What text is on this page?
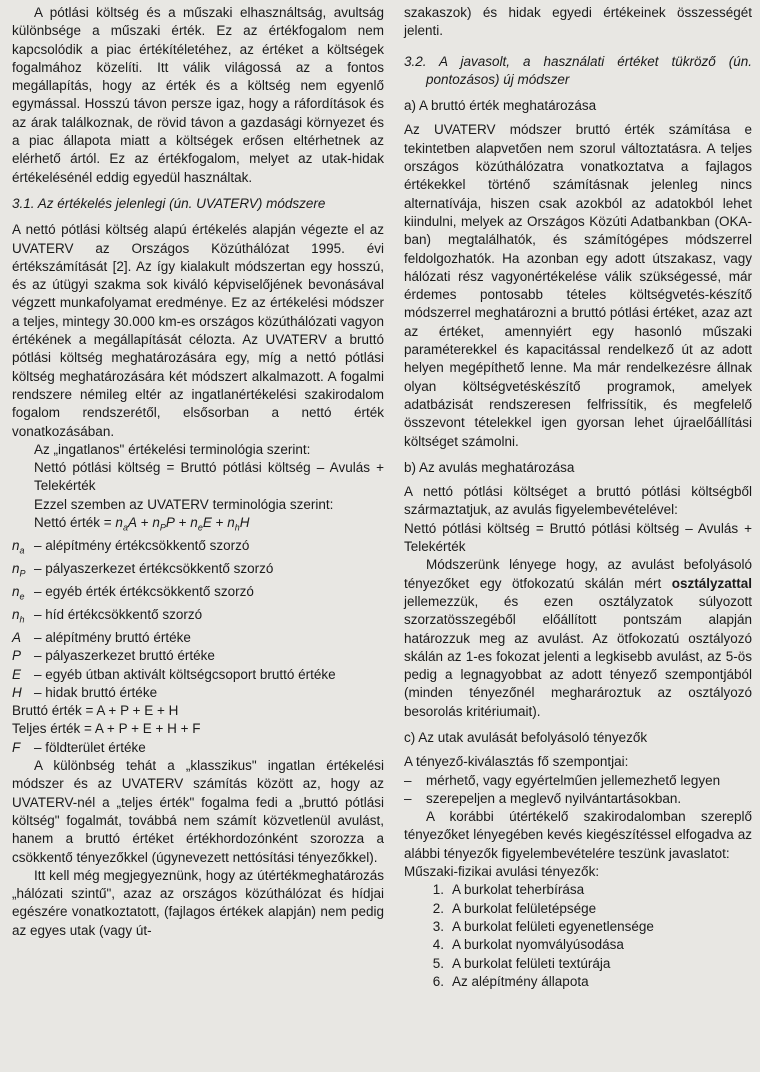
A pótlási költség és a műszaki elhasználtság, avultság különbsége a műszaki érték. Ez az értékfogalom nem kapcsolódik a piac értékítéletéhez, az értéket a költségek fogalmához közelíti. Itt válik világossá az a fontos megállapítás, hogy az érték és a költség nem egyenlő egymással. Hosszú távon persze igaz, hogy a ráfordítások és az árak találkoznak, de rövid távon a gazdasági környezet és a piac állapota miatt a költségek erősen eltérhetnek az elérhető ártól. Ez az értékfogalom, melyet az utak-hidak értékelésénél eddig egyedül használtak.

3.1. Az értékelés jelenlegi (ún. UVATERV) módszere

A nettó pótlási költség alapú értékelés alapján végezte el az UVATERV az Országos Közúthálózat 1995. évi értékszámítását [2]. Az így kialakult módszertan egy hosszú, és az útügyi szakma sok kiváló képviselőjének bevonásával végzett munkafolyamat eredménye. Ez az értékelési módszer a teljes, mintegy 30.000 km-es országos közúthálózati vagyon értékének a megállapítását célozta. Az UVATERV a bruttó pótlási költség meghatározására egy, míg a nettó pótlási költség meghatározására két módszert alkalmazott. A fogalmi rendszere némileg eltér az ingatlanértékelési szakirodalom fogalom rendszerétől, elsősorban a nettó érték vonatkozásában.

Az „ingatlanos" értékelési terminológia szerint:

Nettó pótlási költség = Bruttó pótlási költség – Avulás + Telekérték

Ezzel szemben az UVATERV terminológia szerint:

Nettó érték = $n_aA + n_PP + n_eE + n_hH$

$n_a$ – alépítmény értékcsökkentő szorzó
$n_P$ – pályaszerkezet értékcsökkentő szorzó
$n_e$ – egyéb érték értékcsökkentő szorzó
$n_h$ – híd értékcsökkentő szorzó
A – alépítmény bruttó értéke
P – pályaszerkezet bruttó értéke
E – egyéb útban aktivált költségcsoport bruttó értéke
H – hidak bruttó értéke

Bruttó érték = A + P + E + H

Teljes érték = A + P + E + H + F

F	– földterület értéke

A különbség tehát a „klasszikus" ingatlan értékelési módszer és az UVATERV számítás között az, hogy az UVATERV-nél a „teljes érték" fogalma fedi a „bruttó pótlási költség" fogalmát, továbbá nem számít közvetlenül avulást, hanem a bruttó értéket értékhordozónként szorozza a csökkentő tényezőkkel (úgynevezett nettósítási tényezőkkel).

Itt kell még megjegyeznünk, hogy az útértékmeghatározás „hálózati szintű", azaz az országos közúthálózat és hídjai egészére vonatkoztatott, (fajlagos értékek alapján) nem pedig az egyes utak (vagy út-

szakaszok) és hidak egyedi értékeinek összességét jelenti.

3.2. A javasolt, a használati értéket tükröző (ún. pontozásos) új módszer

a) A bruttó érték meghatározása

Az UVATERV módszer bruttó érték számítása e tekintetben alapvetően nem szorul változtatásra. A teljes országos közúthálózatra vonatkoztatva a fajlagos értékekkel történő számításnak jelenleg nincs alternatívája, hiszen csak azokból az adatokból lehet kiindulni, melyek az Országos Közúti Adatbankban (OKA-ban) megtalálhatók, és számítógépes módszerrel feldolgozhatók. Ha azonban egy adott útszakasz, vagy hálózati rész vagyonértékelése válik szükségessé, már érdemes pontosabb tételes költségvetés-készítő módszerrel meghatározni a bruttó pótlási értéket, azaz azt az értéket, amennyiért egy hasonló műszaki paraméterekkel és kapacitással rendelkező út az adott helyen megépíthető lenne. Ma már rendelkezésre állnak olyan költségvetéskészítő programok, amelyek adatbázisát rendszeresen felfrissítik, és megfelelő összevont tételekkel igen gyorsan lehet újraelőállítási költséget számolni.

b) Az avulás meghatározása

A nettó pótlási költséget a bruttó pótlási költségből származtatjuk, az avulás figyelembevételével:

Nettó pótlási költség = Bruttó pótlási költség – Avulás + Telekérték

Módszerünk lényege hogy, az avulást befolyásoló tényezőket egy ötfokozatú skálán mért osztályzattal jellemezzük, és ezen osztályzatok súlyozott szorzatösszegéből előállított pontszám alapján határozzuk meg az avulást. Az ötfokozatú osztályozó skálán az 1-es fokozat jelenti a legkisebb avulást, az 5-ös pedig a legnagyobbat az adott tényező szempontjából (minden tényezőnél megharároztuk az osztályozó besorolás kritériumait).

c) Az utak avulását befolyásoló tényezők

A tényező-kiválasztás fő szempontjai:

–	mérhető, vagy egyértelműen jellemezhető legyen
–	szerepeljen a meglevő nyilvántartásokban.

A korábbi útértékelő szakirodalomban szereplő tényezőket lényegében kevés kiegészítéssel elfogadva az alábbi tényezők figyelembevételére teszünk javaslatot:

Műszaki-fizikai avulási tényezők:

1. A burkolat teherbírása
2. A burkolat felületépsége
3. A burkolat felületi egyenetlensége
4. A burkolat nyomvályúsodása
5. A burkolat felületi textúrája
6. Az alépítmény állapota
